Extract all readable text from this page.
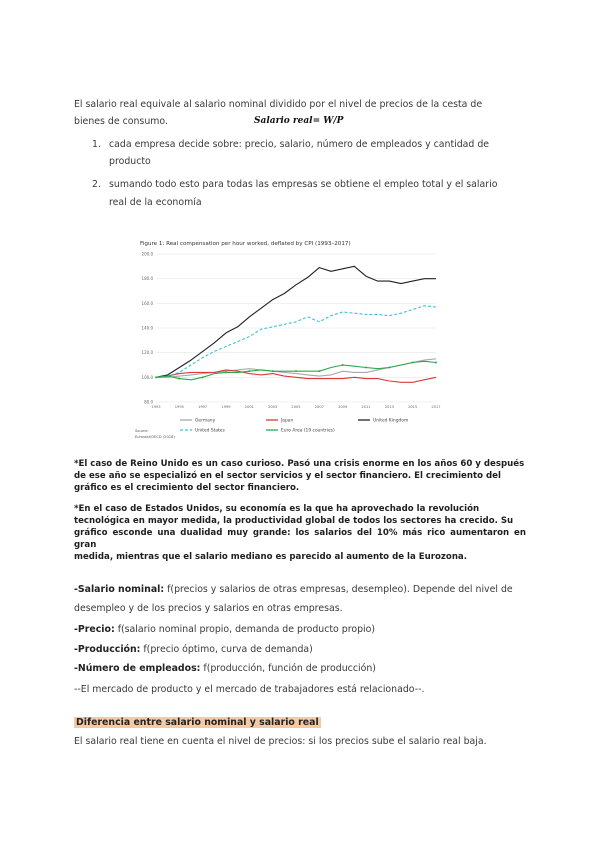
El salario real equivale al salario nominal dividido por el nivel de precios de la cesta de
bienes de consumo.	Salario real= W/P
1. cada empresa decide sobre: precio, salario, número de empleados y cantidad de
producto
2. sumando todo esto para todas las empresas se obtiene el empleo total y el salario
real de la economía
Figure 1: Real compensation per hour worked, deflated by CPI (1993–2017)
80.0
100.0
120.0
140.0
160.0
180.0
200.0
1993	1995	1997	1999	2001	2003	2005	2007	2009	2011	2013	2015	2017
Germany	Japan	United Kingdom
United States	Euro Area (19 countries)
Source:
Eurostat/OECD (2018)
*El caso de Reino Unido es un caso curioso. Pasó una crisis enorme en los años 60 y después
de ese año se especializó en el sector servicios y el sector financiero. El crecimiento del
gráfico es el crecimiento del sector financiero.
*En el caso de Estados Unidos, su economía es la que ha aprovechado la revolución
tecnológica en mayor medida, la productividad global de todos los sectores ha crecido. Su
gráfico esconde una dualidad muy grande: los salarios del 10% más rico aumentaron en gran
medida, mientras que el salario mediano es parecido al aumento de la Eurozona.
-Salario nominal: f(precios y salarios de otras empresas, desempleo). Depende del nivel de
desempleo y de los precios y salarios en otras empresas.
-Precio: f(salario nominal propio, demanda de producto propio)
-Producción: f(precio óptimo, curva de demanda)
-Número de empleados: f(producción, función de producción)
--El mercado de producto y el mercado de trabajadores está relacionado--.
Diferencia entre salario nominal y salario real
El salario real tiene en cuenta el nivel de precios: si los precios sube el salario real baja.
